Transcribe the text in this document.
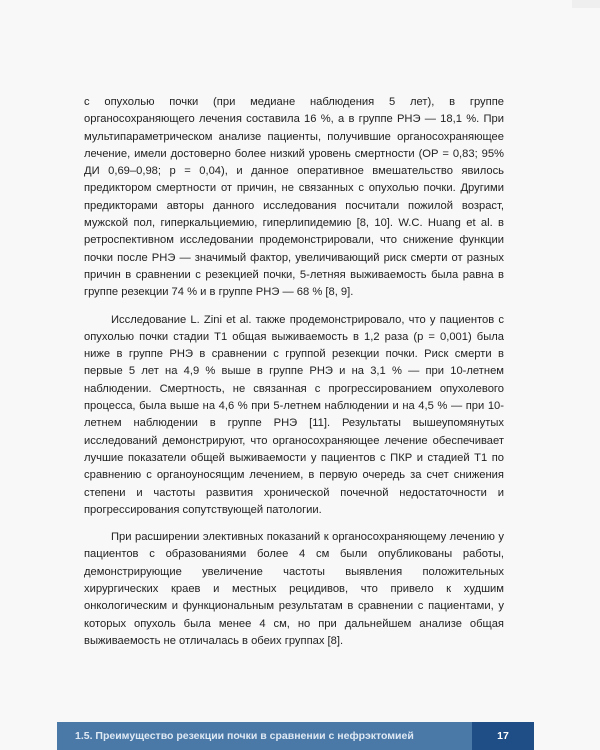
с опухолью почки (при медиане наблюдения 5 лет), в группе органосохраняющего лечения составила 16 %, а в группе РНЭ — 18,1 %. При мультипараметрическом анализе пациенты, получившие органосохраняющее лечение, имели достоверно более низкий уровень смертности (ОР = 0,83; 95% ДИ 0,69–0,98; p = 0,04), и данное оперативное вмешательство явилось предиктором смертности от причин, не связанных с опухолью почки. Другими предикторами авторы данного исследования посчитали пожилой возраст, мужской пол, гиперкальциемию, гиперлипидемию [8, 10]. W.C. Huang et al. в ретроспективном исследовании продемонстрировали, что снижение функции почки после РНЭ — значимый фактор, увеличивающий риск смерти от разных причин в сравнении с резекцией почки, 5-летняя выживаемость была равна в группе резекции 74 % и в группе РНЭ — 68 % [8, 9].

Исследование L. Zini et al. также продемонстрировало, что у пациентов с опухолью почки стадии T1 общая выживаемость в 1,2 раза (p = 0,001) была ниже в группе РНЭ в сравнении с группой резекции почки. Риск смерти в первые 5 лет на 4,9 % выше в группе РНЭ и на 3,1 % — при 10-летнем наблюдении. Смертность, не связанная с прогрессированием опухолевого процесса, была выше на 4,6 % при 5-летнем наблюдении и на 4,5 % — при 10-летнем наблюдении в группе РНЭ [11]. Результаты вышеупомянутых исследований демонстрируют, что органосохраняющее лечение обеспечивает лучшие показатели общей выживаемости у пациентов с ПКР и стадией T1 по сравнению с органоуносящим лечением, в первую очередь за счет снижения степени и частоты развития хронической почечной недостаточности и прогрессирования сопутствующей патологии.

При расширении элективных показаний к органосохраняющему лечению у пациентов с образованиями более 4 см были опубликованы работы, демонстрирующие увеличение частоты выявления положительных хирургических краев и местных рецидивов, что привело к худшим онкологическим и функциональным результатам в сравнении с пациентами, у которых опухоль была менее 4 см, но при дальнейшем анализе общая выживаемость не отличалась в обеих группах [8].

1.5. Преимущество резекции почки в сравнении с нефрэктомией	17
